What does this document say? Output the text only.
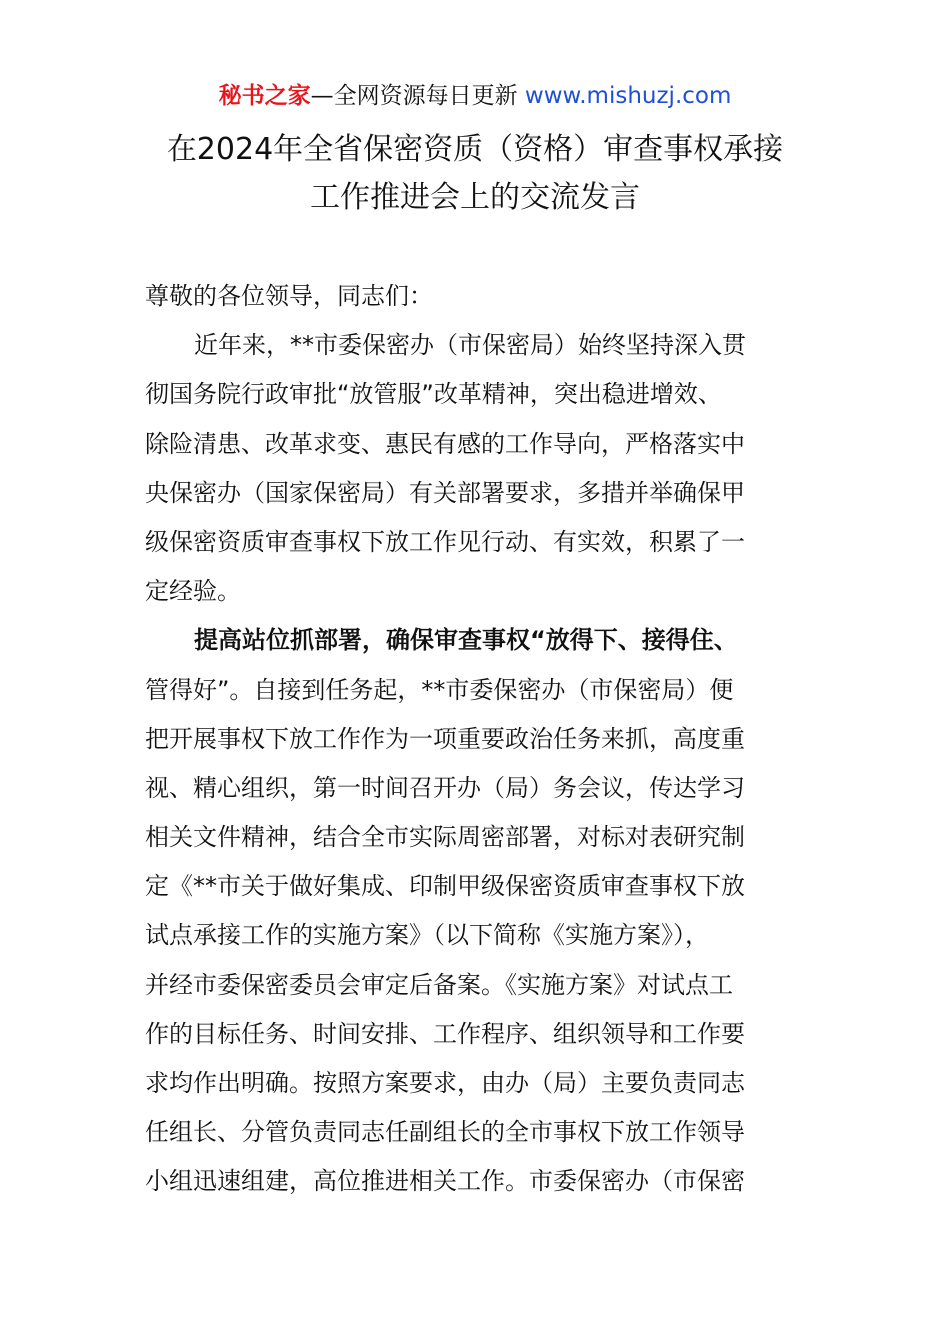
秘书之家—全网资源每日更新 www.mishuzj.com
在2024年全省保密资质（资格）审查事权承接
工作推进会上的交流发言
尊敬的各位领导，同志们：
近年来，**市委保密办（市保密局）始终坚持深入贯
彻国务院行政审批“放管服”改革精神，突出稳进增效、
除险清患、改革求变、惠民有感的工作导向，严格落实中
央保密办（国家保密局）有关部署要求，多措并举确保甲
级保密资质审查事权下放工作见行动、有实效，积累了一
定经验。
提高站位抓部署，确保审查事权“放得下、接得住、
管得好”。自接到任务起，**市委保密办（市保密局）便
把开展事权下放工作作为一项重要政治任务来抓，高度重
视、精心组织，第一时间召开办（局）务会议，传达学习
相关文件精神，结合全市实际周密部署，对标对表研究制
定《**市关于做好集成、印制甲级保密资质审查事权下放
试点承接工作的实施方案》（以下简称《实施方案》），
并经市委保密委员会审定后备案。《实施方案》对试点工
作的目标任务、时间安排、工作程序、组织领导和工作要
求均作出明确。按照方案要求，由办（局）主要负责同志
任组长、分管负责同志任副组长的全市事权下放工作领导
小组迅速组建，高位推进相关工作。市委保密办（市保密
